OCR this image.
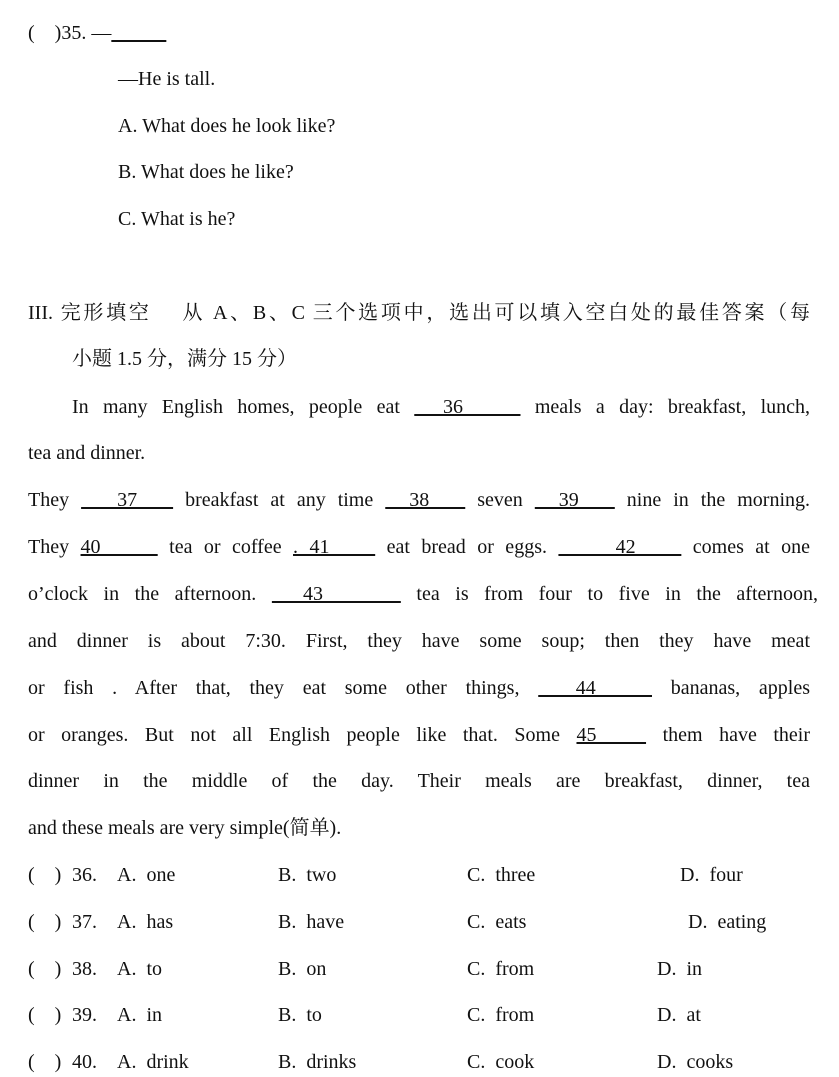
(    )35. —
—He is tall.
A. What does he look like?
B. What does he like?
C. What is he?
III. 完形填空    从 A、B、C 三个选项中，选出可以填入空白处的最佳答案（每
小题 1.5 分，满分 15 分）
In many English homes, people eat   36     meals a day: breakfast, lunch,
tea and dinner.
They    37    breakfast at any time   38    seven   39    nine in the morning.
They 40      tea or coffee . 41     eat bread or eggs.      42     comes at one
o’clock in the afternoon.   43      tea is from four to five in the afternoon,
and dinner is about 7:30. First, they have some soup; then they have meat
or fish . After that, they eat some other things,   44    bananas, apples
or oranges. But not all English people like that. Some 45    them have their
dinner in the middle of the day. Their meals are breakfast, dinner, tea
and these meals are very simple(简单).
(    ) 36. A.  one	B.  two	C.  three	D.  four
(    ) 37. A.  has	B.  have	C.  eats	D.  eating
(    ) 38. A.  to	B.  on	C.  from	D.  in
(    ) 39. A.  in	B.  to	C.  from	D.  at
(    ) 40. A.  drink	B.  drinks	C.  cook	D.  cooks
